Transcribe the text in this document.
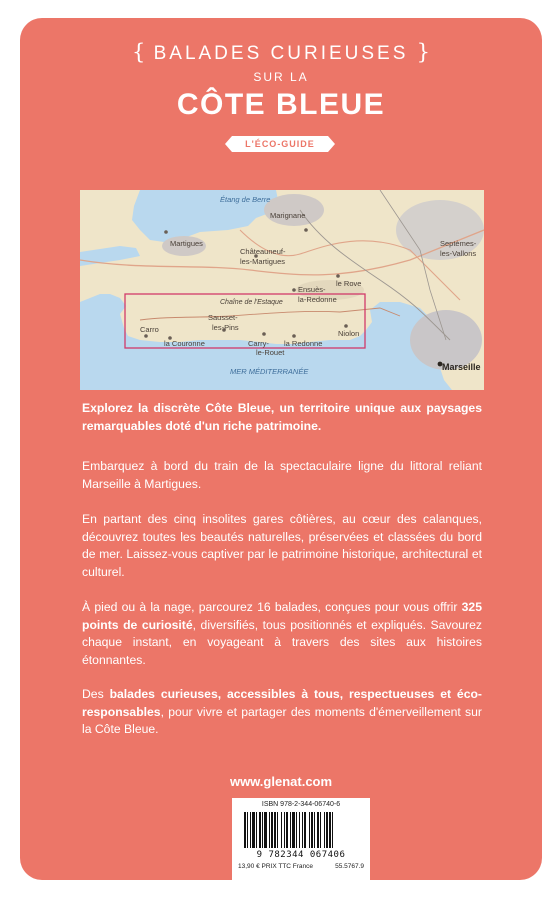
{ BALADES CURIEUSES }
SUR LA
CÔTE BLEUE
L'ÉCO-GUIDE
Étang de Berre
Marignane
Martigues
Châteauneuf-
les-Martigues
Septèmes-
les-Vallons
le Rove
Ensuès-
la-Redonne
Chaîne de l'Estaque
Sausset-
les-Pins
Carro
la Couronne	Carry-
le-Rouet
la Redonne
Niolon
Marseille
MER MÉDITERRANÉE

Explorez la discrète Côte Bleue, un territoire unique aux paysages remarquables doté d'un riche patrimoine.

Embarquez à bord du train de la spectaculaire ligne du littoral reliant Marseille à Martigues.

En partant des cinq insolites gares côtières, au cœur des calanques, découvrez toutes les beautés naturelles, préservées et classées du bord de mer. Laissez-vous captiver par le patrimoine historique, architectural et culturel.

À pied ou à la nage, parcourez 16 balades, conçues pour vous offrir 325 points de curiosité, diversifiés, tous positionnés et expliqués. Savourez chaque instant, en voyageant à travers des sites aux histoires étonnantes.

Des balades curieuses, accessibles à tous, respectueuses et éco-responsables, pour vivre et partager des moments d'émerveillement sur la Côte Bleue.

www.glenat.com
ISBN 978-2-344-06740-6
9 782344 067406
13,90 € PRIX TTC France	55.5767.9
